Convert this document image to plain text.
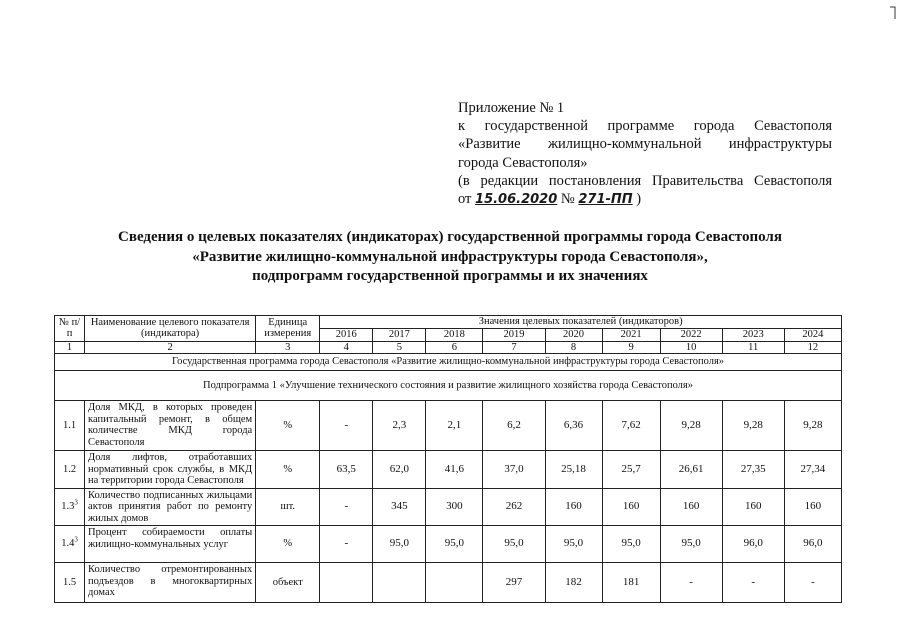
Приложение № 1
к государственной программе города Севастополя
«Развитие жилищно-коммунальной инфраструктуры
города Севастополя»
(в редакции постановления Правительства Севастополя
от 15.06.2020 № 271-ПП )
Сведения о целевых показателях (индикаторах) государственной программы города Севастополя
«Развитие жилищно-коммунальной инфраструктуры города Севастополя»,
подпрограмм государственной программы и их значениях
№ п/п	Наименование целевого показателя (индикатора)	Единица измерения	Значения целевых показателей (индикаторов)								
			2016	2017	2018	2019	2020	2021	2022	2023	2024
1	2	3	4	5	6	7	8	9	10	11	12
Государственная программа города Севастополя «Развитие жилищно-коммунальной инфраструктуры города Севастополя»											
Подпрограмма 1 «Улучшение технического состояния и развитие жилищного хозяйства города Севастополя»											
1.1	Доля МКД, в которых проведен капитальный ремонт, в общем количестве МКД города Севастополя	%	-	2,3	2,1	6,2	6,36	7,62	9,28	9,28	9,28
1.2	Доля лифтов, отработавших нормативный срок службы, в МКД на территории города Севастополя	%	63,5	62,0	41,6	37,0	25,18	25,7	26,61	27,35	27,34
$1.3^3$	Количество подписанных жильцами актов принятия работ по ремонту жилых домов	шт.	-	345	300	262	160	160	160	160	160
$1.4^3$	Процент собираемости оплаты жилищно-коммунальных услуг	%	-	95,0	95,0	95,0	95,0	95,0	95,0	96,0	96,0
1.5	Количество отремонтированных подъездов в многоквартирных домах	объект				297	182	181	-	-	-
